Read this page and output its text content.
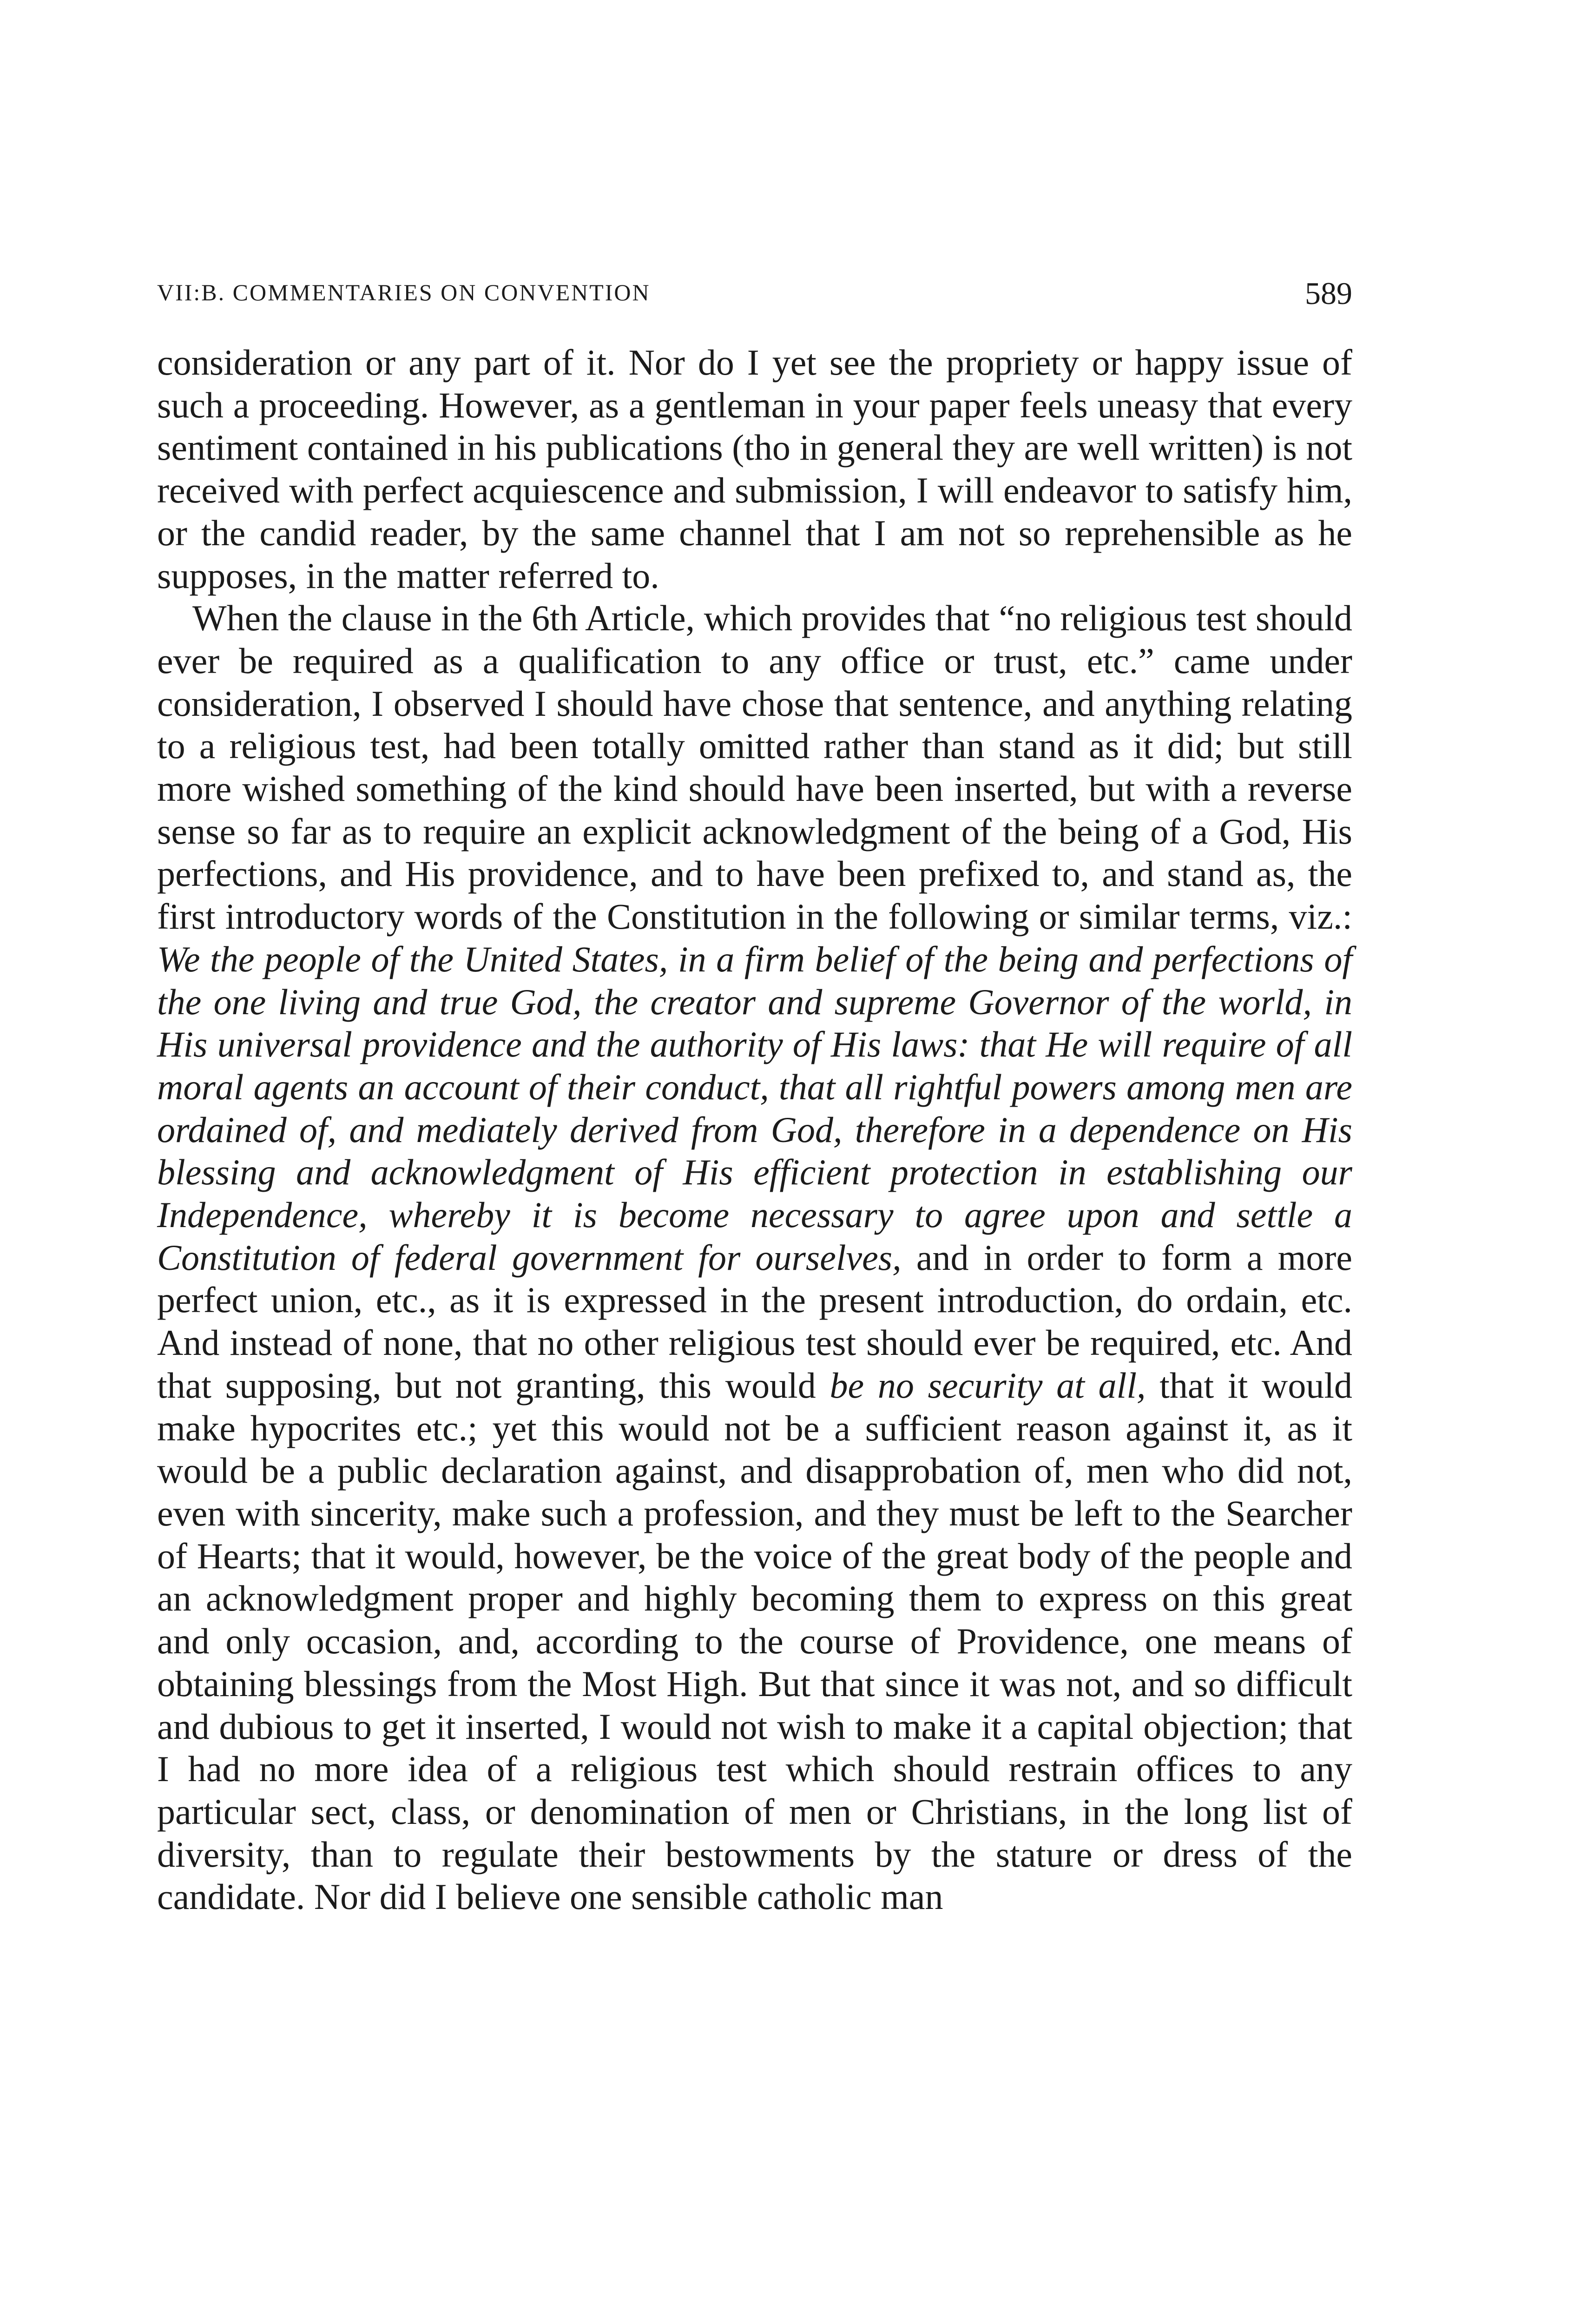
VII:B. COMMENTARIES ON CONVENTION	589

consideration or any part of it. Nor do I yet see the propriety or happy issue of such a proceeding. However, as a gentleman in your paper feels uneasy that every sentiment contained in his publications (tho in general they are well written) is not received with perfect acquiescence and submission, I will endeavor to satisfy him, or the candid reader, by the same channel that I am not so reprehensible as he supposes, in the matter referred to.

When the clause in the 6th Article, which provides that “no religious test should ever be required as a qualification to any office or trust, etc.” came under consideration, I observed I should have chose that sentence, and anything relating to a religious test, had been totally omitted rather than stand as it did; but still more wished something of the kind should have been inserted, but with a reverse sense so far as to require an explicit acknowledgment of the being of a God, His perfections, and His providence, and to have been prefixed to, and stand as, the first introductory words of the Constitution in the following or similar terms, viz.: We the people of the United States, in a firm belief of the being and perfections of the one living and true God, the creator and supreme Governor of the world, in His universal providence and the authority of His laws: that He will require of all moral agents an account of their conduct, that all rightful powers among men are ordained of, and mediately derived from God, therefore in a dependence on His blessing and acknowledgment of His efficient protection in establishing our Independence, whereby it is become necessary to agree upon and settle a Constitution of federal government for ourselves, and in order to form a more perfect union, etc., as it is expressed in the present introduction, do ordain, etc. And instead of none, that no other religious test should ever be required, etc. And that supposing, but not granting, this would be no security at all, that it would make hypocrites etc.; yet this would not be a sufficient reason against it, as it would be a public declaration against, and disapprobation of, men who did not, even with sincerity, make such a profession, and they must be left to the Searcher of Hearts; that it would, however, be the voice of the great body of the people and an acknowledgment proper and highly becoming them to express on this great and only occasion, and, according to the course of Providence, one means of obtaining blessings from the Most High. But that since it was not, and so difficult and dubious to get it inserted, I would not wish to make it a capital objection; that I had no more idea of a religious test which should restrain offices to any particular sect, class, or denomination of men or Christians, in the long list of diversity, than to regulate their bestowments by the stature or dress of the candidate. Nor did I believe one sensible catholic man
